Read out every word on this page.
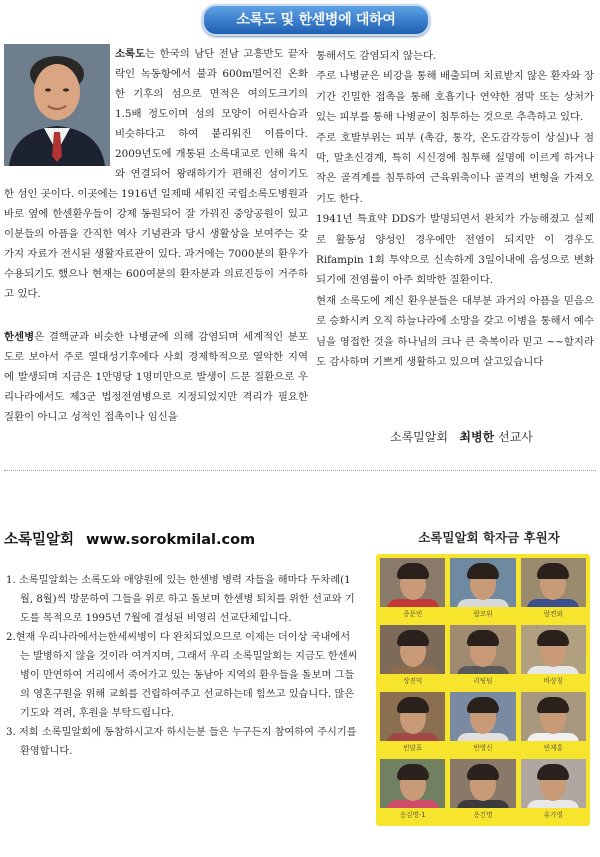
소록도 및 한센병에 대하여

소록도는 한국의 남단 전남 고흥반도 끝자락인 녹동항에서 불과 600m떨어진 온화한 기후의 섬으로 면적은 여의도크기의 1.5배 정도이며 섬의 모양이 어린사슴과 비슷하다고 하여 붙리워진 이름이다. 2009년도에 개통된 소록대교로 인해 육지와 연결되어 왕래하기가 편해진 섬이기도 한 섬인 곳이다. 이곳에는 1916년 일제때 세워진 국립소록도병원과 바로 옆에 한센환우들이 강제 동원되어 잘 가꿔진 중앙공원이 있고 이분들의 아픔을 간직한 역사 기념관과 당시 생활상을 보여주는 갖가지 자료가 전시된 생활자료관이 있다. 과거에는 7000분의 환우가 수용되기도 했으나 현재는 600여분의 환자분과 의료진등이 거주하고 있다.

한센병은 결핵균과 비슷한 나병균에 의해 감염되며 세계적인 분포도로 보아서 주로 열대성기후에다 사회 경제학적으로 열악한 지역에 발생되며 지금은 1만명당 1명미만으로 발생이 드문 질환으로 우리나라에서도 제3군 법정전염병으로 지정되었지만 격리가 필요한 질환이 아니고 성적인 접촉이나 임신을

통해서도 감염되지 않는다.

주로 나병균은 비강을 통해 배출되며 치료받지 않은 환자와 장기간 긴밀한 접촉을 통해 호흡기나 연약한 점막 또는 상처가 있는 피부를 통해 나병균이 침투하는 것으로 추측하고 있다.

주로 호발부위는 피부 (촉감, 통각, 온도감각등이 상실)나 점막, 말초신경계, 특히 시신경에 침투해 실명에 이르게 하거나 작은 골격계를 침투하여 근육위축이나 골격의 변형을 가져오기도 한다.

1941년 특효약 DDS가 발명되면서 완치가 가능해졌고 실제로 활동성 양성인 경우에만 전염이 되지만 이 경우도 Rifampin 1회 투약으로 신속하게 3일이내에 음성으로 변화되기에 전염률이 아주 희박한 질환이다.

현재 소록도에 계신 환우분들은 대부분 과거의 아픔을 믿음으로 승화시켜 오직 하늘나라에 소망을 갖고 이병을 통해서 예수님을 영접한 것을 하나님의 크나 큰 축복이라 믿고 ~~할지라도 감사하며 기쁘게 생활하고 있으며 살고있습니다

소록밀알회 최병한 선교사
소록밀알회 www.sorokmilal.com
1. 소록밀알회는 소록도와 애양원에 있는 한센병 병력 자들을 해마다 두차례(1월, 8월)씩 방문하여 그들을 위로 하고 돌보며 한센병 퇴치를 위한 선교와 기도를 목적으로 1995년 7월에 결성된 비영리 선교단체입니다.
2.현재 우리나라에서는한세씨병이 다 완치되었으므로 이제는 더이상 국내에서는 발병하지 않을 것이라 여겨지며, 그래서 우리 소록밀알회는 지금도 한센씨병이 만연하여 거리에서 죽어가고 있는 동남아 지역의 환우들을 돌보며 그들의 영혼구원을 위해 교회를 건립하여주고 선교하는데 힘쓰고 있습니다. 많은 기도와 격려, 후원을 부탁드립니다.
3. 저희 소록밀알회에 동참하시고자 하시는분 들은 누구든지 참여하여 주시기를 환영합니다.
소록밀알회 학자금 후원자
종문빈	랍꼬위	람켠외
상진덕	리팅팀	바샹칭
빈달표	반영신	빈재홍
응김명-1	응긴명	유가영
